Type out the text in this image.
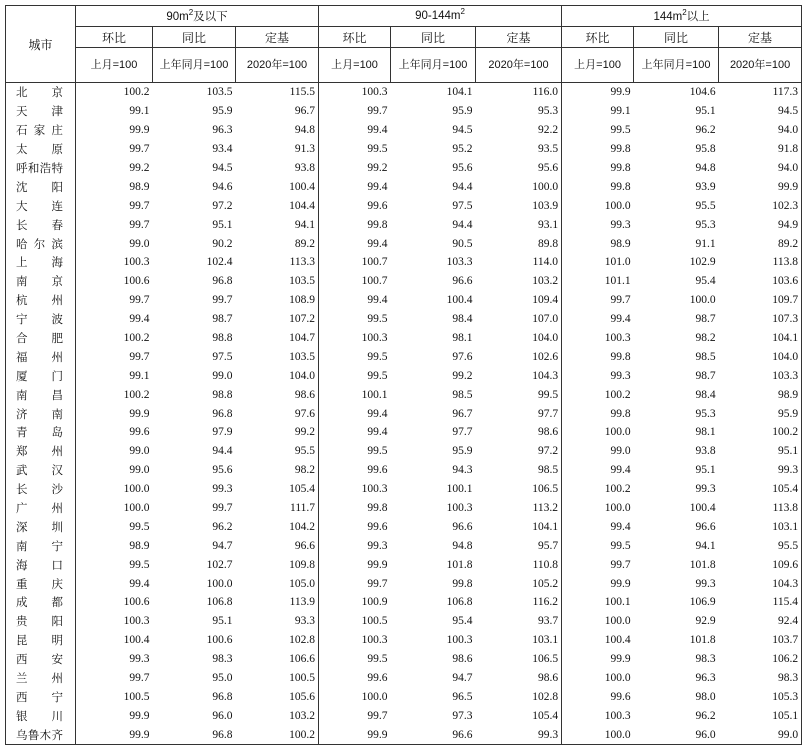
城市	$90m^2$及以下			$90-144m^2$			$144m^2$以上		
	环比	同比	定基	环比	同比	定基	环比	同比	定基
	上月=100	上年同月=100	2020年=100	上月=100	上年同月=100	2020年=100	上月=100	上年同月=100	2020年=100
北京	100.2	103.5	115.5	100.3	104.1	116.0	99.9	104.6	117.3
天津	99.1	95.9	96.7	99.7	95.9	95.3	99.1	95.1	94.5
石家庄	99.9	96.3	94.8	99.4	94.5	92.2	99.5	96.2	94.0
太原	99.7	93.4	91.3	99.5	95.2	93.5	99.8	95.8	91.8
呼和浩特	99.2	94.5	93.8	99.2	95.6	95.6	99.8	94.8	94.0
沈阳	98.9	94.6	100.4	99.4	94.4	100.0	99.8	93.9	99.9
大连	99.7	97.2	104.4	99.6	97.5	103.9	100.0	95.5	102.3
长春	99.7	95.1	94.1	99.8	94.4	93.1	99.3	95.3	94.9
哈尔滨	99.0	90.2	89.2	99.4	90.5	89.8	98.9	91.1	89.2
上海	100.3	102.4	113.3	100.7	103.3	114.0	101.0	102.9	113.8
南京	100.6	96.8	103.5	100.7	96.6	103.2	101.1	95.4	103.6
杭州	99.7	99.7	108.9	99.4	100.4	109.4	99.7	100.0	109.7
宁波	99.4	98.7	107.2	99.5	98.4	107.0	99.4	98.7	107.3
合肥	100.2	98.8	104.7	100.3	98.1	104.0	100.3	98.2	104.1
福州	99.7	97.5	103.5	99.5	97.6	102.6	99.8	98.5	104.0
厦门	99.1	99.0	104.0	99.5	99.2	104.3	99.3	98.7	103.3
南昌	100.2	98.8	98.6	100.1	98.5	99.5	100.2	98.4	98.9
济南	99.9	96.8	97.6	99.4	96.7	97.7	99.8	95.3	95.9
青岛	99.6	97.9	99.2	99.4	97.7	98.6	100.0	98.1	100.2
郑州	99.0	94.4	95.5	99.5	95.9	97.2	99.0	93.8	95.1
武汉	99.0	95.6	98.2	99.6	94.3	98.5	99.4	95.1	99.3
长沙	100.0	99.3	105.4	100.3	100.1	106.5	100.2	99.3	105.4
广州	100.0	99.7	111.7	99.8	100.3	113.2	100.0	100.4	113.8
深圳	99.5	96.2	104.2	99.6	96.6	104.1	99.4	96.6	103.1
南宁	98.9	94.7	96.6	99.3	94.8	95.7	99.5	94.1	95.5
海口	99.5	102.7	109.8	99.9	101.8	110.8	99.7	101.8	109.6
重庆	99.4	100.0	105.0	99.7	99.8	105.2	99.9	99.3	104.3
成都	100.6	106.8	113.9	100.9	106.8	116.2	100.1	106.9	115.4
贵阳	100.3	95.1	93.3	100.5	95.4	93.7	100.0	92.9	92.4
昆明	100.4	100.6	102.8	100.3	100.3	103.1	100.4	101.8	103.7
西安	99.3	98.3	106.6	99.5	98.6	106.5	99.9	98.3	106.2
兰州	99.7	95.0	100.5	99.6	94.7	98.6	100.0	96.3	98.3
西宁	100.5	96.8	105.6	100.0	96.5	102.8	99.6	98.0	105.3
银川	99.9	96.0	103.2	99.7	97.3	105.4	100.3	96.2	105.1
乌鲁木齐	99.9	96.8	100.2	99.9	96.6	99.3	100.0	96.0	99.0
